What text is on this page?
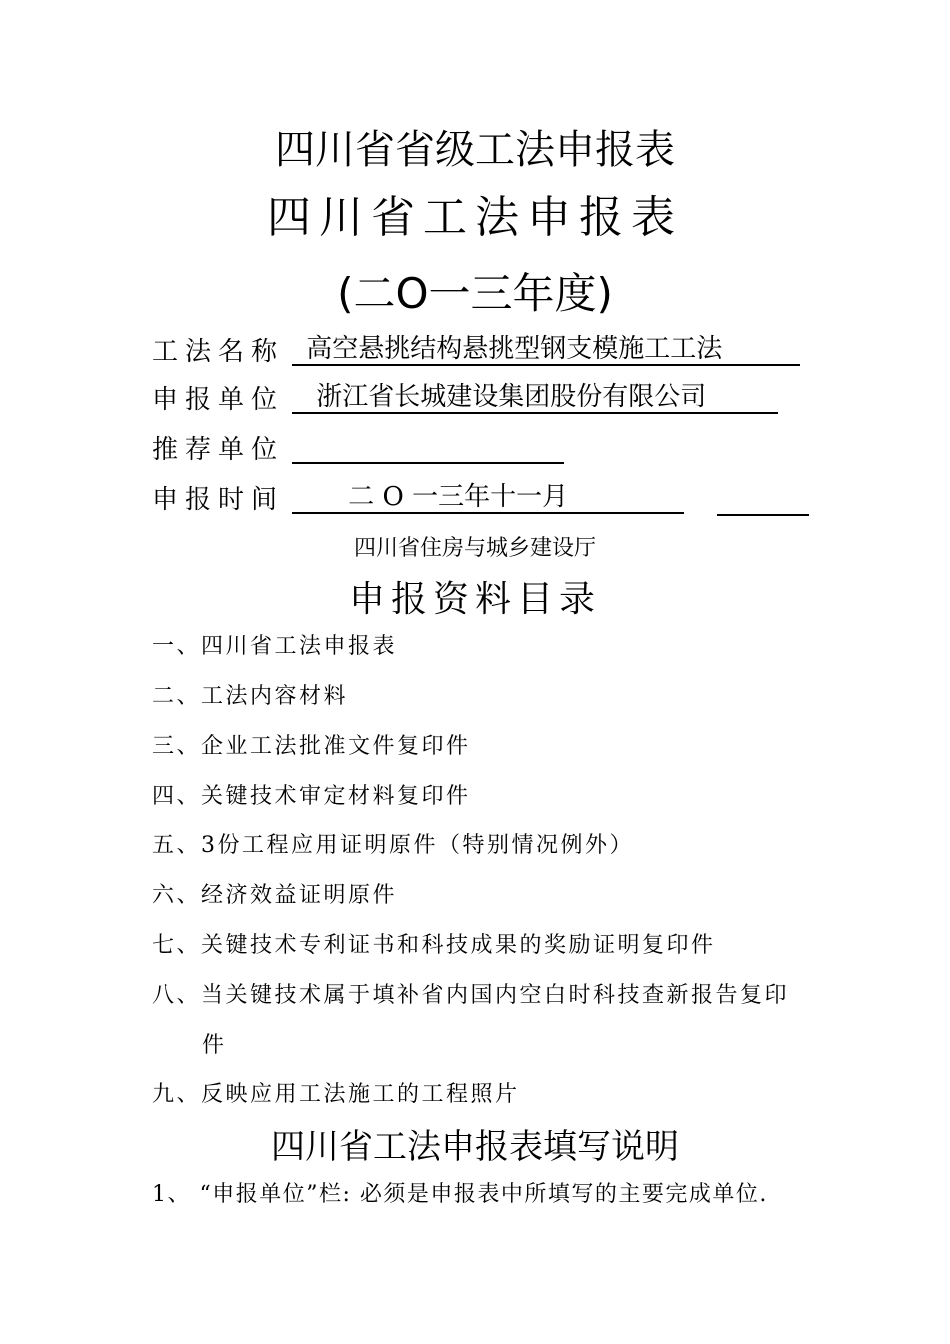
四川省省级工法申报表
四川省工法申报表
(二O一三年度)
工法名称 高空悬挑结构悬挑型钢支模施工工法
申报单位 浙江省长城建设集团股份有限公司
推荐单位
申报时间 二 O 一三年十一月
四川省住房与城乡建设厅
申报资料目录
一、四川省工法申报表
二、工法内容材料
三、企业工法批准文件复印件
四、关键技术审定材料复印件
五、3份工程应用证明原件（特别情况例外）
六、经济效益证明原件
七、关键技术专利证书和科技成果的奖励证明复印件
八、当关键技术属于填补省内国内空白时科技查新报告复印
件
九、反映应用工法施工的工程照片
四川省工法申报表填写说明
1、 “申报单位”栏: 必须是申报表中所填写的主要完成单位.
